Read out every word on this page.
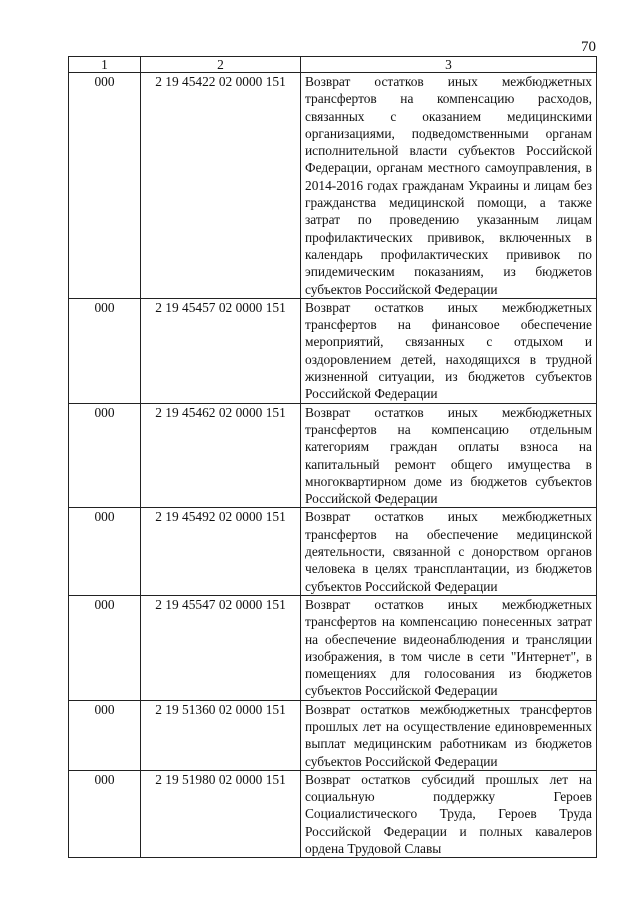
70
1	2	3
000	2 19 45422 02 0000 151	Возврат остатков иных межбюджетных трансфертов на компенсацию расходов, связанных с оказанием медицинскими организациями, подведомственными органам исполнительной власти субъектов Российской Федерации, органам местного самоуправления, в 2014-2016 годах гражданам Украины и лицам без гражданства медицинской помощи, а также затрат по проведению указанным лицам профилактических прививок, включенных в календарь профилактических прививок по эпидемическим показаниям, из бюджетов субъектов Российской Федерации
000	2 19 45457 02 0000 151	Возврат остатков иных межбюджетных трансфертов на финансовое обеспечение мероприятий, связанных с отдыхом и оздоровлением детей, находящихся в трудной жизненной ситуации, из бюджетов субъектов Российской Федерации
000	2 19 45462 02 0000 151	Возврат остатков иных межбюджетных трансфертов на компенсацию отдельным категориям граждан оплаты взноса на капитальный ремонт общего имущества в многоквартирном доме из бюджетов субъектов Российской Федерации
000	2 19 45492 02 0000 151	Возврат остатков иных межбюджетных трансфертов на обеспечение медицинской деятельности, связанной с донорством органов человека в целях трансплантации, из бюджетов субъектов Российской Федерации
000	2 19 45547 02 0000 151	Возврат остатков иных межбюджетных трансфертов на компенсацию понесенных затрат на обеспечение видеонаблюдения и трансляции изображения, в том числе в сети "Интернет", в помещениях для голосования из бюджетов субъектов Российской Федерации
000	2 19 51360 02 0000 151	Возврат остатков межбюджетных трансфертов прошлых лет на осуществление единовременных выплат медицинским работникам из бюджетов субъектов Российской Федерации
000	2 19 51980 02 0000 151	Возврат остатков субсидий прошлых лет на социальную поддержку Героев Социалистического Труда, Героев Труда Российской Федерации и полных кавалеров ордена Трудовой Славы
